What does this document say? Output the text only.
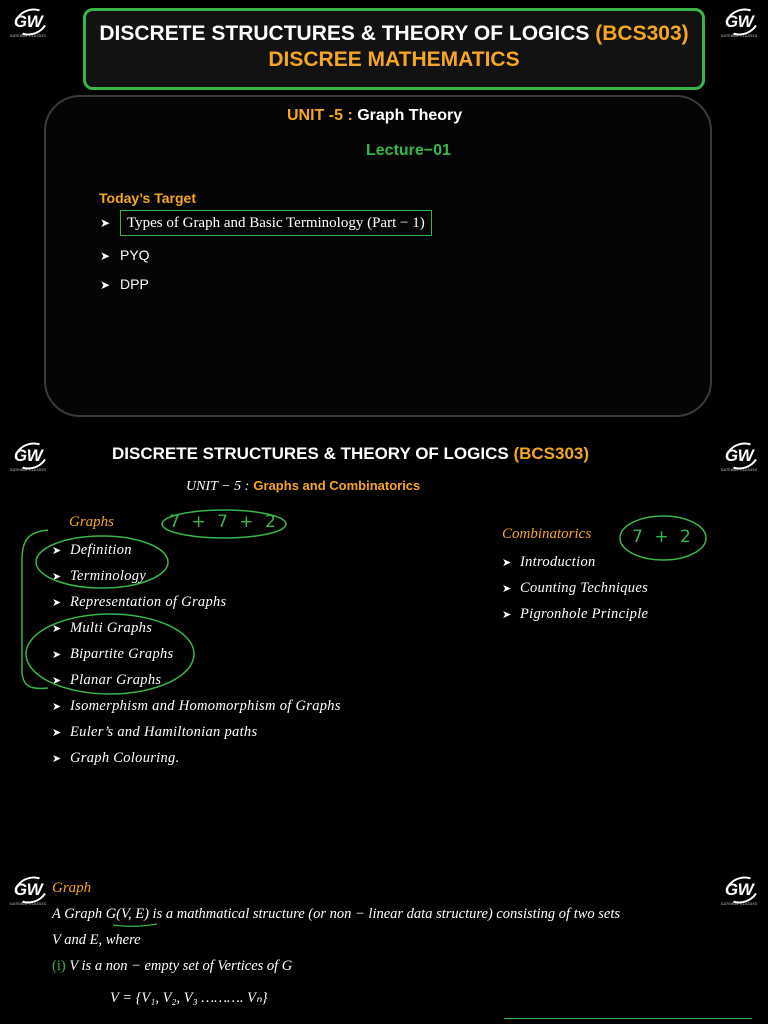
GW
GATEWAY CLASSES
GW
GATEWAY CLASSES
DISCRETE STRUCTURES & THEORY OF LOGICS (BCS303)
DISCREE MATHEMATICS
UNIT -5 : Graph Theory
Lecture−01
Today’s Target
➤ Types of Graph and Basic Terminology (Part − 1)
➤ PYQ
➤ DPP
GW
GATEWAY CLASSES
GW
GATEWAY CLASSES
DISCRETE STRUCTURES & THEORY OF LOGICS (BCS303)
UNIT − 5 : Graphs and Combinatorics
Graphs	7 + 7 + 2
➤ Definition
➤ Terminology
➤ Representation of Graphs
➤ Multi Graphs
➤ Bipartite Graphs
➤ Planar Graphs
➤ Isomerphism and Homomorphism of Graphs
➤ Euler’s and Hamiltonian paths
➤ Graph Colouring.
Combinatorics	7 + 2
➤ Introduction
➤ Counting Techniques
➤ Pigronhole Principle
GW
GATEWAY CLASSES
GW
GATEWAY CLASSES
Graph
A Graph G(V, E) is a mathmatical structure (or non − linear data structure) consisting of two sets
V and E, where
(i) V is a non − empty set of Vertices of G
V = {V₁, V₂, V₃ ………. Vₙ}
